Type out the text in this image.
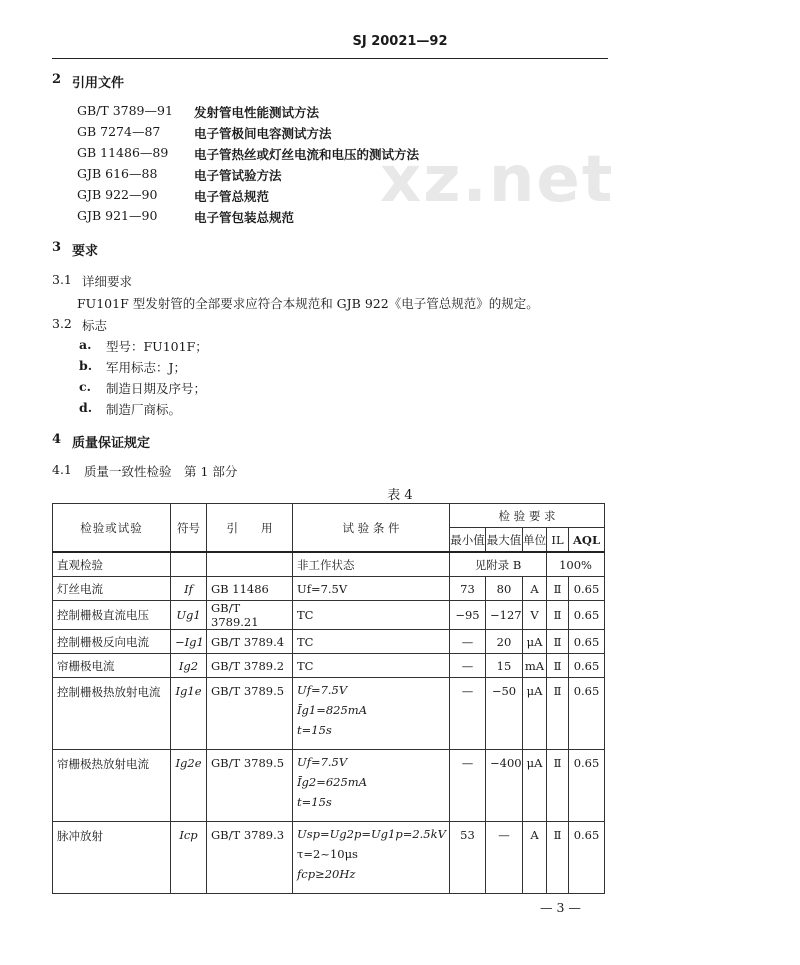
SJ 20021—92
xz.net
2 引用文件
GB/T 3789—91 发射管电性能测试方法
GB 7274—87	电子管极间电容测试方法
GB 11486—89 电子管热丝或灯丝电流和电压的测试方法
GJB 616—88	电子管试验方法
GJB 922—90	电子管总规范
GJB 921—90	电子管包装总规范
3 要求
3.1 详细要求
FU101F 型发射管的全部要求应符合本规范和 GJB 922《电子管总规范》的规定。
3.2 标志
a. 型号：FU101F；
b. 军用标志：J；
c. 制造日期及序号；
d. 制造厂商标。
4 质量保证规定
4.1 质量一致性检验　第 1 部分
表 4
检验或试验	符号	引　　用	试 验 条 件	检 验 要 求				
				最小值	最大值	单位	IL	AQL
直观检验			非工作状态	见附录 B			100%	
灯丝电流	If	GB 11486	Uf=7.5V	73	80	A	Ⅱ	0.65
控制栅极直流电压	Ug1	GB/T 3789.21	TC	−95	−127	V	Ⅱ	0.65
控制栅极反向电流	−Ig1	GB/T 3789.4	TC	—	20	μA	Ⅱ	0.65
帘栅极电流	Ig2	GB/T 3789.2	TC	—	15	mA	Ⅱ	0.65
控制栅极热放射电流	Ig1e	GB/T 3789.5	Uf=7.5V
Īg1=825mA
t=15s	—	−50	μA	Ⅱ	0.65
帘栅极热放射电流	Ig2e	GB/T 3789.5	Uf=7.5V
Īg2=625mA
t=15s	—	−400	μA	Ⅱ	0.65
脉冲放射	Icp	GB/T 3789.3	Usp=Ug2p=Ug1p=2.5kV
τ=2~10μs
fcp≥20Hz	53	—	A	Ⅱ	0.65
— 3 —
